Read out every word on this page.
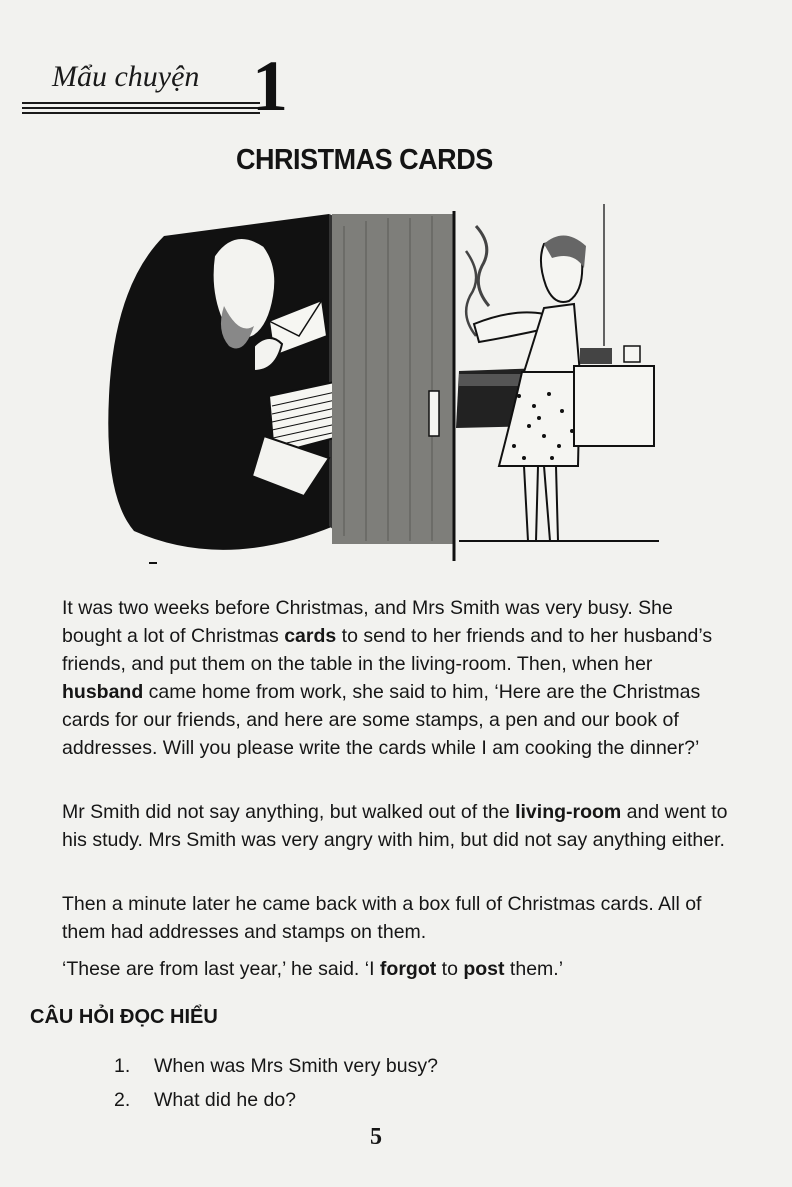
Mẩu chuyện 1
CHRISTMAS CARDS

It was two weeks before Christmas, and Mrs Smith was very busy. She bought a lot of Christmas cards to send to her friends and to her husband’s friends, and put them on the table in the living-room. Then, when her husband came home from work, she said to him, ‘Here are the Christmas cards for our friends, and here are some stamps, a pen and our book of addresses. Will you please write the cards while I am cooking the dinner?’

Mr Smith did not say anything, but walked out of the living-room and went to his study. Mrs Smith was very angry with him, but did not say anything either.

Then a minute later he came back with a box full of Christmas cards. All of them had addresses and stamps on them.

‘These are from last year,’ he said. ‘I forgot to post them.’

CÂU HỎI ĐỌC HIỂU
1. When was Mrs Smith very busy?
2. What did he do?
5
